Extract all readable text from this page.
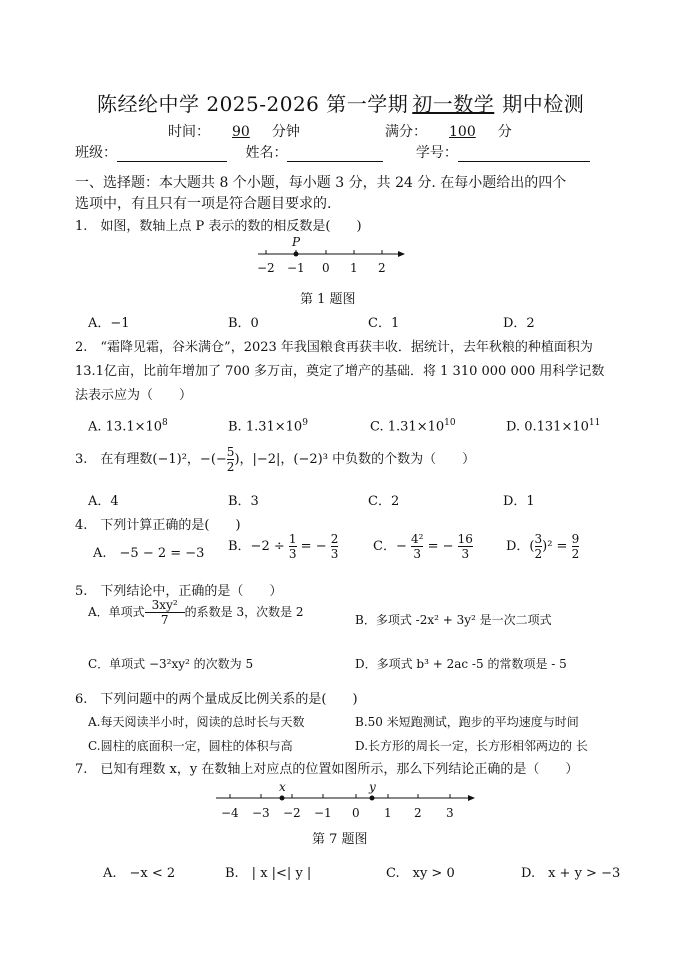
陈经纶中学 2025-2026 第一学期 初一数学 期中检测
时间： 90 分钟	满分： 100 分
班级：	姓名：	学号：
一、选择题：本大题共 8 个小题，每小题 3 分，共 24 分. 在每小题给出的四个
选项中，有且只有一项是符合题目要求的.
1.　如图，数轴上点 P 表示的数的相反数是(　　)
P
−2 −1 0 1 2
第 1 题图
A．−1	B．0	C．1	D．2
2.　“霜降见霜，谷米满仓”，2023 年我国粮食再获丰收．据统计，去年秋粮的种植面积为
13.1亿亩，比前年增加了 700 多万亩，奠定了增产的基础．将 1 310 000 000 用科学记数
法表示应为（　　）
A. $13.1\times 10^8$	B. $1.31\times 10^9$	C. $1.31\times 10^{10}$	D. $0.131\times 10^{11}$
3.　在有理数(−1)²，−(− $\frac{5}{2}$ )，|−2|，(−2)³ 中负数的个数为（　　）
A．4	B．3	C．2	D．1
4.　下列计算正确的是(　　)
A.　−5 − 2 = −3 B．$-2 \div \frac{1}{3}$ = − $\frac{2}{3}$	C．− $\frac{\text{4²}}{3}$ = − $\frac{16}{3}$	D．( $\frac{3}{2} )^2 = \frac{9}{2}$
5.　下列结论中，正确的是（　　）
A．单项式 $\frac{\text{3xy²}}{7}$ 的系数是 3，次数是 2
B．多项式 -2x² + 3y² 是一次二项式
C．单项式 −3²xy² 的次数为 5	D．多项式 b³ + 2ac -5 的常数项是 - 5
6.　下列问题中的两个量成反比例关系的是(　　)
A.每天阅读半小时，阅读的总时长与天数	B.50 米短跑测试，跑步的平均速度与时间
C.圆柱的底面积一定，圆柱的体积与高	D.长方形的周长一定，长方形相邻两边的 长
7.　已知有理数 x，y 在数轴上对应点的位置如图所示，那么下列结论正确的是（　　）
x	y
−4 −3 −2 −1 0 1 2 3
第 7 题图
A.　−x < 2	B.　| x |<| y |	C.　xy > 0	D.　x + y > −3
